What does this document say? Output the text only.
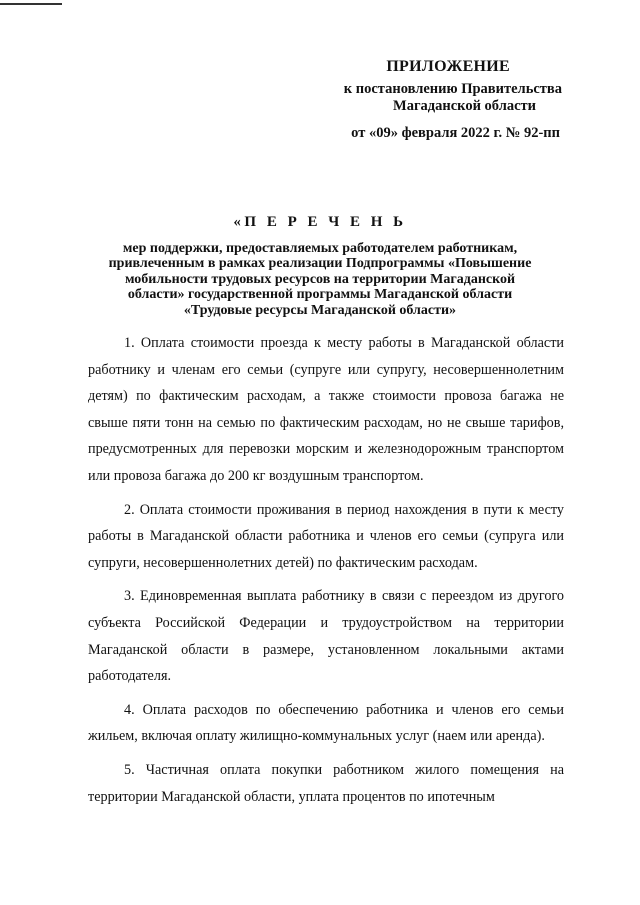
ПРИЛОЖЕНИЕ
к постановлению Правительства
Магаданской области
от «09» февраля 2022 г. № 92-пп
«П Е Р Е Ч Е Н Ь
мер поддержки, предоставляемых работодателем работникам,
привлеченным в рамках реализации Подпрограммы «Повышение
мобильности трудовых ресурсов на территории Магаданской
области» государственной программы Магаданской области
«Трудовые ресурсы Магаданской области»

1. Оплата стоимости проезда к месту работы в Магаданской области работнику и членам его семьи (супруге или супругу, несовершеннолетним детям) по фактическим расходам, а также стоимости провоза багажа не свыше пяти тонн на семью по фактическим расходам, но не свыше тарифов, предусмотренных для перевозки морским и железнодорожным транспортом или провоза багажа до 200 кг воздушным транспортом.

2. Оплата стоимости проживания в период нахождения в пути к месту работы в Магаданской области работника и членов его семьи (супруга или супруги, несовершеннолетних детей) по фактическим расходам.

3. Единовременная выплата работнику в связи с переездом из другого субъекта Российской Федерации и трудоустройством на территории Магаданской области в размере, установленном локальными актами работодателя.

4. Оплата расходов по обеспечению работника и членов его семьи жильем, включая оплату жилищно-коммунальных услуг (наем или аренда).

5. Частичная оплата покупки работником жилого помещения на территории Магаданской области, уплата процентов по ипотечным
